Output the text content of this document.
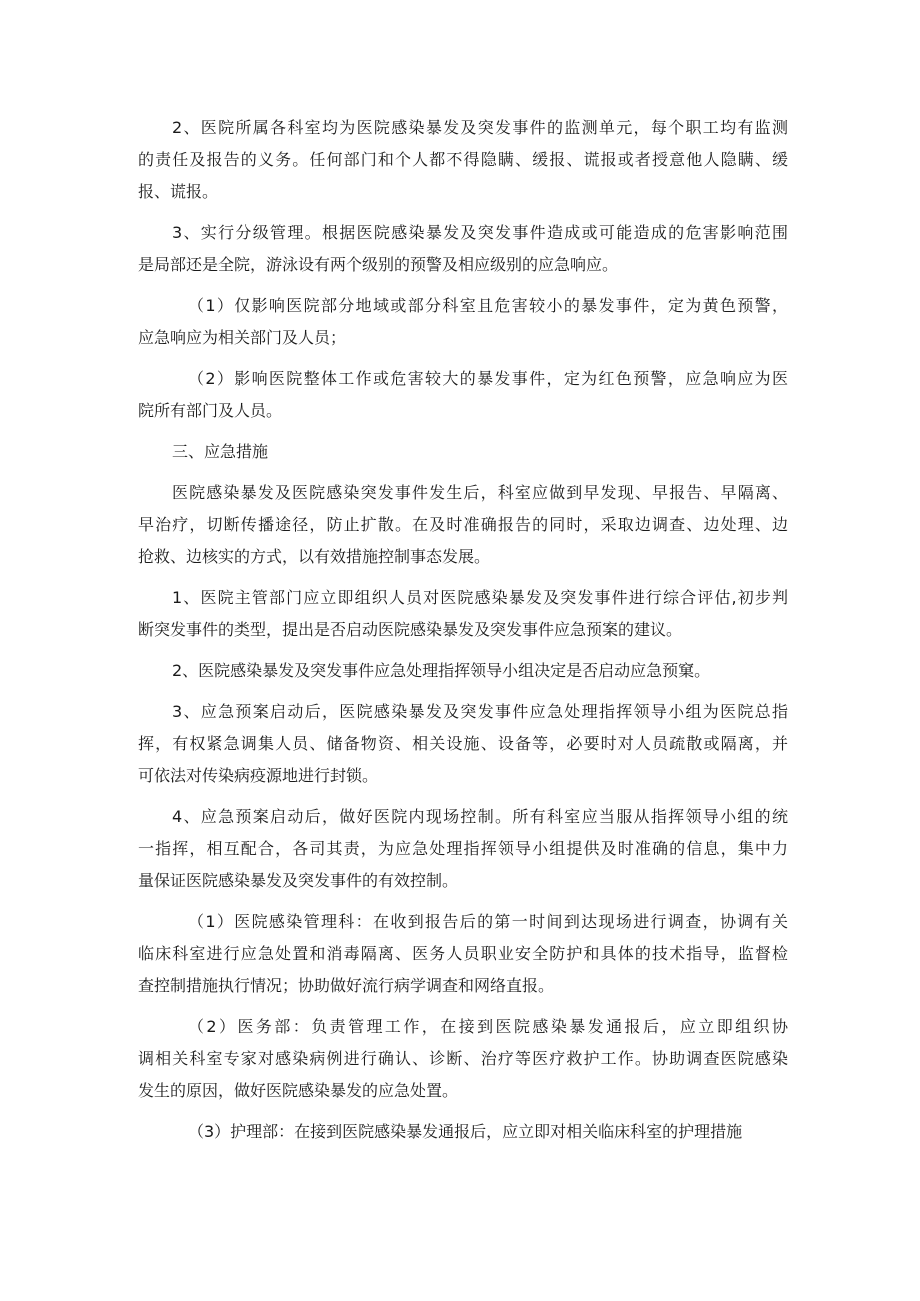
2、医院所属各科室均为医院感染暴发及突发事件的监测单元，每个职工均有监测
的责任及报告的义务。任何部门和个人都不得隐瞒、缓报、谎报或者授意他人隐瞒、缓
报、谎报。
3、实行分级管理。根据医院感染暴发及突发事件造成或可能造成的危害影响范围
是局部还是全院，游泳设有两个级别的预警及相应级别的应急响应。
（1）仅影响医院部分地域或部分科室且危害较小的暴发事件，定为黄色预警，
应急响应为相关部门及人员；
（2）影响医院整体工作或危害较大的暴发事件，定为红色预警，应急响应为医
院所有部门及人员。
三、应急措施
医院感染暴发及医院感染突发事件发生后，科室应做到早发现、早报告、早隔离、
早治疗，切断传播途径，防止扩散。在及时准确报告的同时，采取边调查、边处理、边
抢救、边核实的方式，以有效措施控制事态发展。
1、医院主管部门应立即组织人员对医院感染暴发及突发事件进行综合评估,初步判
断突发事件的类型，提出是否启动医院感染暴发及突发事件应急预案的建议。
2、医院感染暴发及突发事件应急处理指挥领导小组决定是否启动应急预窠。
3、应急预案启动后，医院感染暴发及突发事件应急处理指挥领导小组为医院总指
挥，有权紧急调集人员、储备物资、相关设施、设备等，必要时对人员疏散或隔离，并
可依法对传染病疫源地进行封锁。
4、应急预案启动后，做好医院内现场控制。所有科室应当服从指挥领导小组的统
一指挥，相互配合，各司其责，为应急处理指挥领导小组提供及时准确的信息，集中力
量保证医院感染暴发及突发事件的有效控制。
（1）医院感染管理科：在收到报告后的第一时间到达现场进行调查，协调有关
临床科室进行应急处置和消毒隔离、医务人员职业安全防护和具体的技术指导，监督检
查控制措施执行情况；协助做好流行病学调查和网络直报。
（2）医务部：负责管理工作，在接到医院感染暴发通报后，应立即组织协
调相关科室专家对感染病例进行确认、诊断、治疗等医疗救护工作。协助调查医院感染
发生的原因，做好医院感染暴发的应急处置。
（3）护理部：在接到医院感染暴发通报后，应立即对相关临床科室的护理措施
